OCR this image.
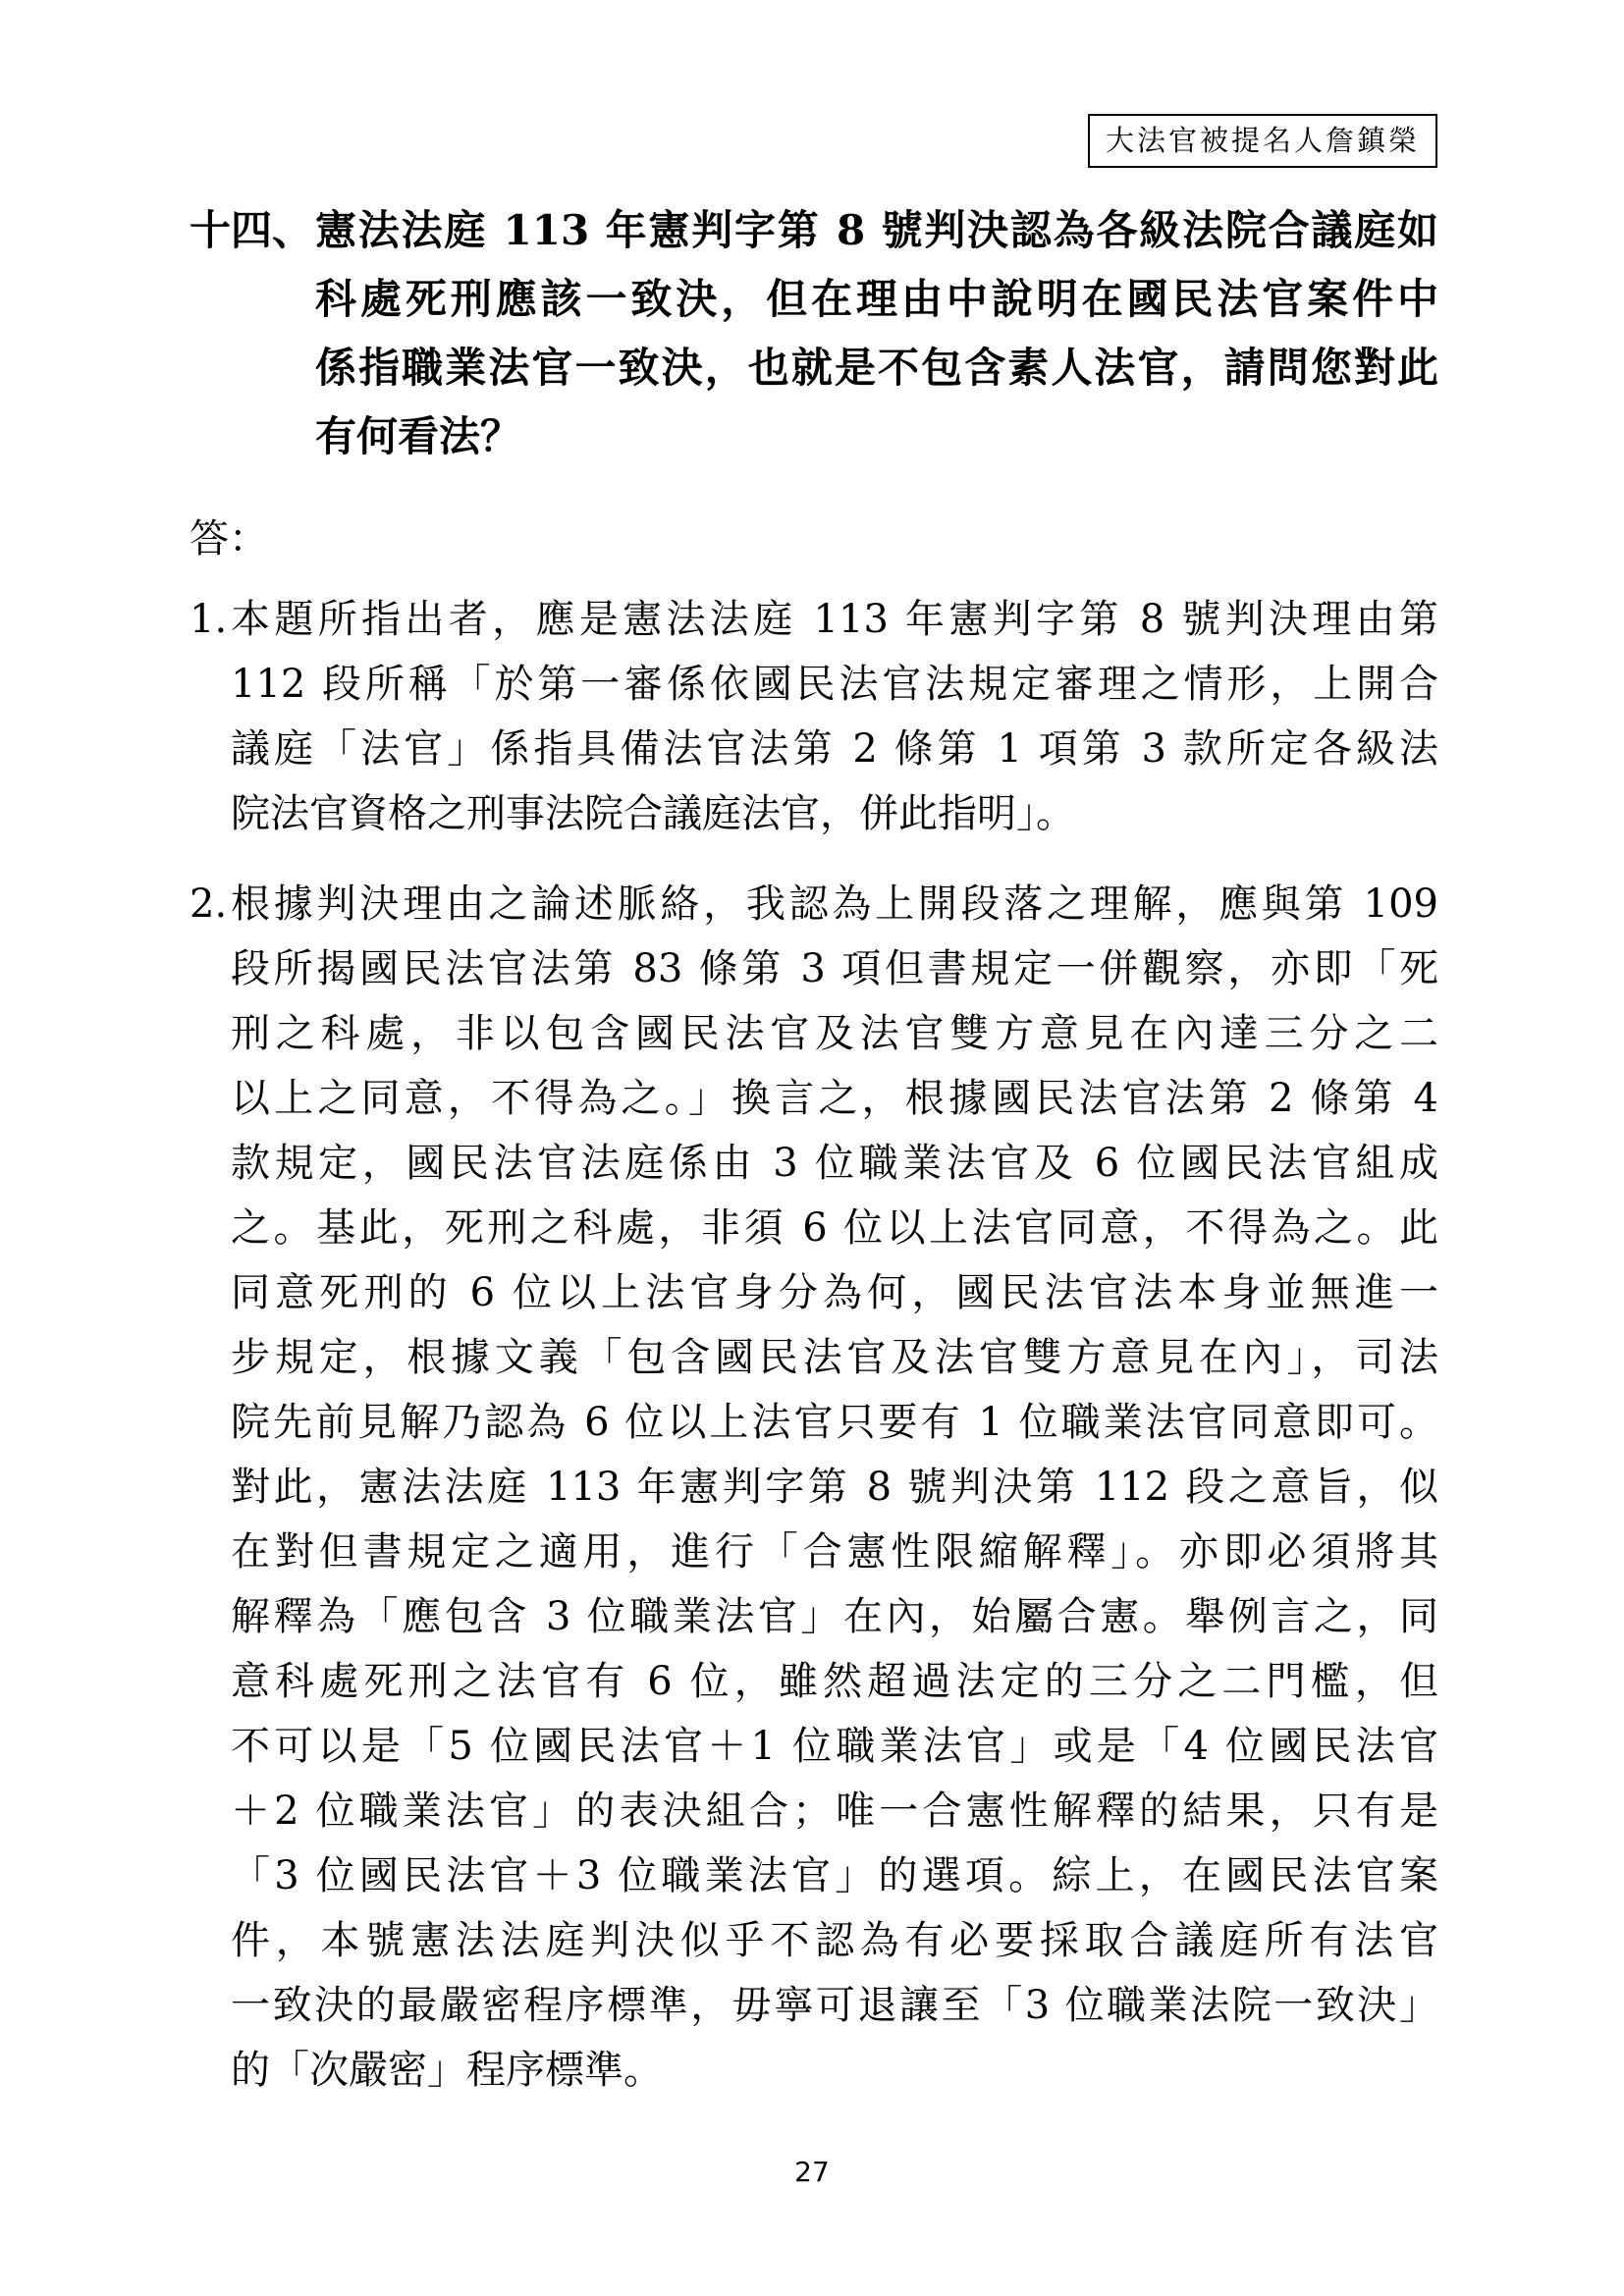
大法官被提名人詹鎮榮
十四、 憲法法庭 113 年憲判字第 8 號判決認為各級法院合議庭如
科處死刑應該一致決，但在理由中說明在國民法官案件中
係指職業法官一致決，也就是不包含素人法官，請問您對此
有何看法？
答：
1. 本題所指出者，應是憲法法庭 113 年憲判字第 8 號判決理由第
112 段所稱「於第一審係依國民法官法規定審理之情形，上開合
議庭「法官」係指具備法官法第 2 條第 1 項第 3 款所定各級法
院法官資格之刑事法院合議庭法官，併此指明」。
2. 根據判決理由之論述脈絡，我認為上開段落之理解，應與第 109
段所揭國民法官法第 83 條第 3 項但書規定一併觀察，亦即「死
刑之科處，非以包含國民法官及法官雙方意見在內達三分之二
以上之同意，不得為之。」換言之，根據國民法官法第 2 條第 4
款規定，國民法官法庭係由 3 位職業法官及 6 位國民法官組成
之。基此，死刑之科處，非須 6 位以上法官同意，不得為之。此
同意死刑的 6 位以上法官身分為何，國民法官法本身並無進一
步規定，根據文義「包含國民法官及法官雙方意見在內」，司法
院先前見解乃認為 6 位以上法官只要有 1 位職業法官同意即可。
對此，憲法法庭 113 年憲判字第 8 號判決第 112 段之意旨，似
在對但書規定之適用，進行「合憲性限縮解釋」。亦即必須將其
解釋為「應包含 3 位職業法官」在內，始屬合憲。舉例言之，同
意科處死刑之法官有 6 位，雖然超過法定的三分之二門檻，但
不可以是「5 位國民法官＋1 位職業法官」或是「4 位國民法官
＋2 位職業法官」的表決組合；唯一合憲性解釋的結果，只有是
「3 位國民法官＋3 位職業法官」的選項。綜上，在國民法官案
件，本號憲法法庭判決似乎不認為有必要採取合議庭所有法官
一致決的最嚴密程序標準，毋寧可退讓至「3 位職業法院一致決」
的「次嚴密」程序標準。
27
